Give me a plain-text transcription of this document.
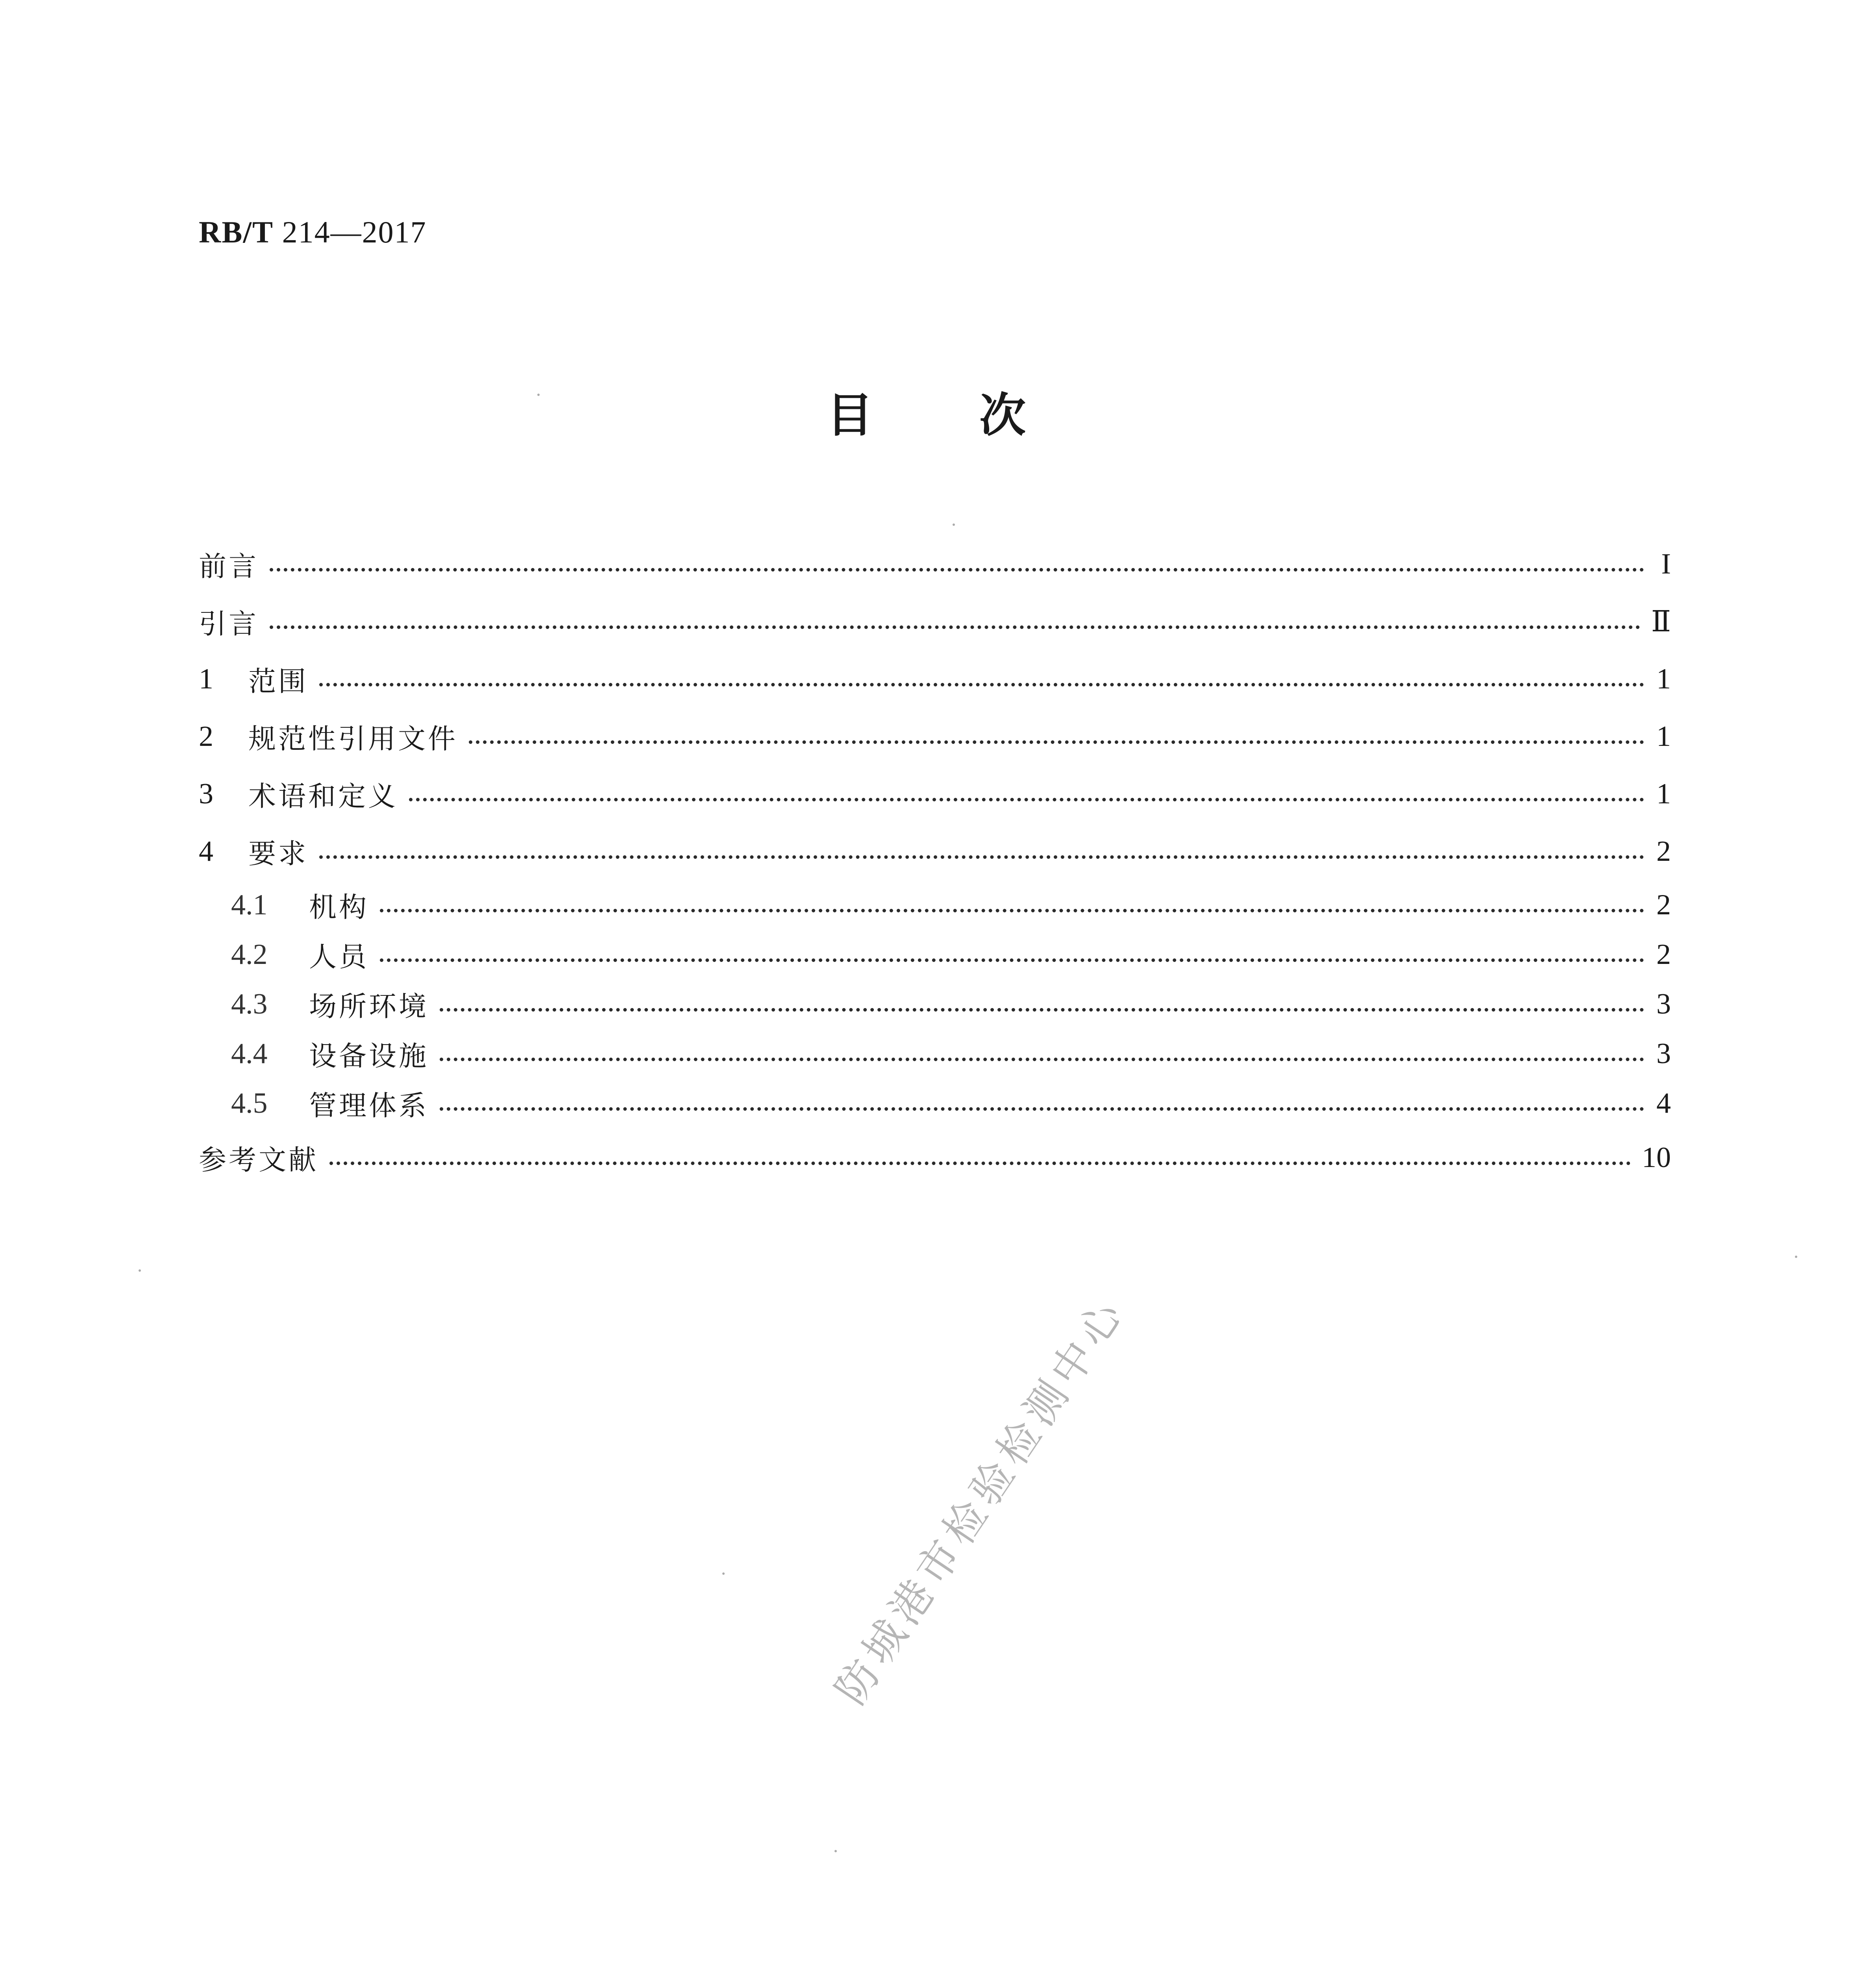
RB/T 214—2017
目次
前言	I
引言	Ⅱ
1	范围	1
2	规范性引用文件	1
3	术语和定义	1
4	要求	2
4.1	机构	2
4.2	人员	2
4.3	场所环境	3
4.4	设备设施	3
4.5	管理体系	4
参考文献	10
防城港市检验检测中心
